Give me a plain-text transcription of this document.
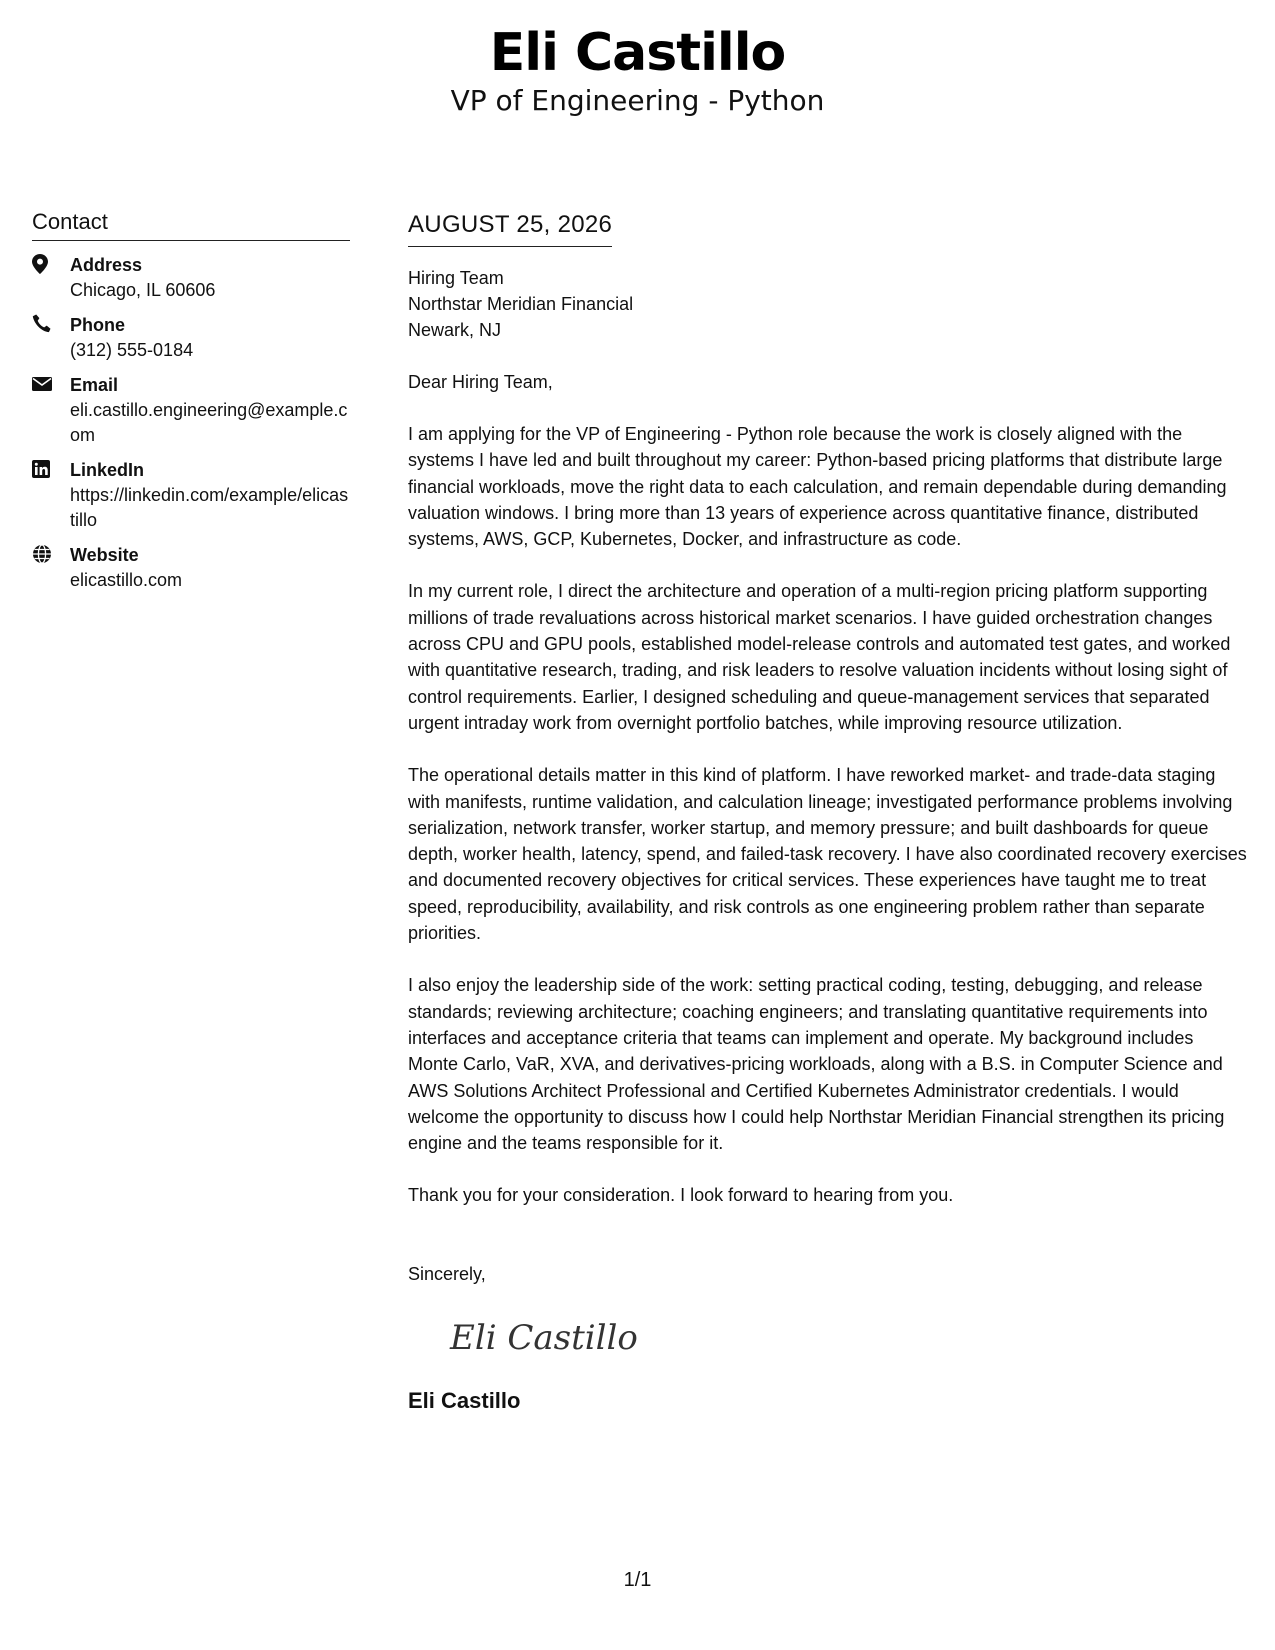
Eli Castillo
VP of Engineering - Python
Contact
Address
Chicago, IL 60606
Phone
(312) 555-0184
Email
eli.castillo.engineering@example.com
LinkedIn
https://linkedin.com/example/elicastillo
Website
elicastillo.com
AUGUST 25, 2026
Hiring Team
Northstar Meridian Financial
Newark, NJ
Dear Hiring Team,
I am applying for the VP of Engineering - Python role because the work is closely aligned with the systems I have led and built throughout my career: Python-based pricing platforms that distribute large financial workloads, move the right data to each calculation, and remain dependable during demanding valuation windows. I bring more than 13 years of experience across quantitative finance, distributed systems, AWS, GCP, Kubernetes, Docker, and infrastructure as code.
In my current role, I direct the architecture and operation of a multi-region pricing platform supporting millions of trade revaluations across historical market scenarios. I have guided orchestration changes across CPU and GPU pools, established model-release controls and automated test gates, and worked with quantitative research, trading, and risk leaders to resolve valuation incidents without losing sight of control requirements. Earlier, I designed scheduling and queue-management services that separated urgent intraday work from overnight portfolio batches, while improving resource utilization.
The operational details matter in this kind of platform. I have reworked market- and trade-data staging with manifests, runtime validation, and calculation lineage; investigated performance problems involving serialization, network transfer, worker startup, and memory pressure; and built dashboards for queue depth, worker health, latency, spend, and failed-task recovery. I have also coordinated recovery exercises and documented recovery objectives for critical services. These experiences have taught me to treat speed, reproducibility, availability, and risk controls as one engineering problem rather than separate priorities.
I also enjoy the leadership side of the work: setting practical coding, testing, debugging, and release standards; reviewing architecture; coaching engineers; and translating quantitative requirements into interfaces and acceptance criteria that teams can implement and operate. My background includes Monte Carlo, VaR, XVA, and derivatives-pricing workloads, along with a B.S. in Computer Science and AWS Solutions Architect Professional and Certified Kubernetes Administrator credentials. I would welcome the opportunity to discuss how I could help Northstar Meridian Financial strengthen its pricing engine and the teams responsible for it.
Thank you for your consideration. I look forward to hearing from you.
Sincerely,
Eli Castillo
Eli Castillo
1/1
